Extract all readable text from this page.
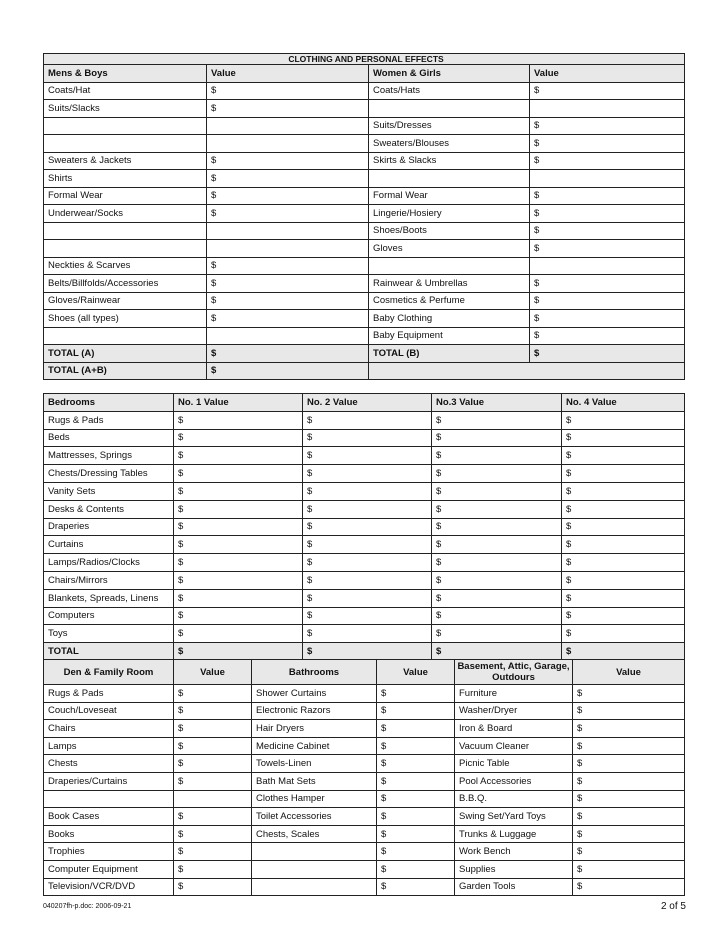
CLOTHING AND PERSONAL EFFECTS			
Mens & Boys	Value	Women & Girls	Value
Coats/Hat	$	Coats/Hats	$
Suits/Slacks	$		
		Suits/Dresses	$
		Sweaters/Blouses	$
Sweaters & Jackets	$	Skirts & Slacks	$
Shirts	$		
Formal Wear	$	Formal Wear	$
Underwear/Socks	$	Lingerie/Hosiery	$
		Shoes/Boots	$
		Gloves	$
Neckties & Scarves	$		
Belts/Billfolds/Accessories	$	Rainwear & Umbrellas	$
Gloves/Rainwear	$	Cosmetics & Perfume	$
Shoes (all types)	$	Baby Clothing	$
		Baby Equipment	$
TOTAL (A)	$	TOTAL (B)	$
TOTAL (A+B)	$		
Bedrooms	No. 1 Value	No. 2 Value	No.3 Value	No. 4 Value
Rugs & Pads	$	$	$	$
Beds	$	$	$	$
Mattresses, Springs	$	$	$	$
Chests/Dressing Tables	$	$	$	$
Vanity Sets	$	$	$	$
Desks & Contents	$	$	$	$
Draperies	$	$	$	$
Curtains	$	$	$	$
Lamps/Radios/Clocks	$	$	$	$
Chairs/Mirrors	$	$	$	$
Blankets, Spreads, Linens	$	$	$	$
Computers	$	$	$	$
Toys	$	$	$	$
TOTAL	$	$	$	$
Den & Family Room	Value	Bathrooms	Value	Basement, Attic, Garage, Outdours	Value
Rugs & Pads	$	Shower Curtains	$	Furniture	$
Couch/Loveseat	$	Electronic Razors	$	Washer/Dryer	$
Chairs	$	Hair Dryers	$	Iron & Board	$
Lamps	$	Medicine Cabinet	$	Vacuum Cleaner	$
Chests	$	Towels-Linen	$	Picnic Table	$
Draperies/Curtains	$	Bath Mat Sets	$	Pool Accessories	$
		Clothes Hamper	$	B.B.Q.	$
Book Cases	$	Toilet Accessories	$	Swing Set/Yard Toys	$
Books	$	Chests, Scales	$	Trunks & Luggage	$
Trophies	$		$	Work Bench	$
Computer Equipment	$		$	Supplies	$
Television/VCR/DVD	$		$	Garden Tools	$
040207fh-p.doc: 2006-09-21	2 of 5
